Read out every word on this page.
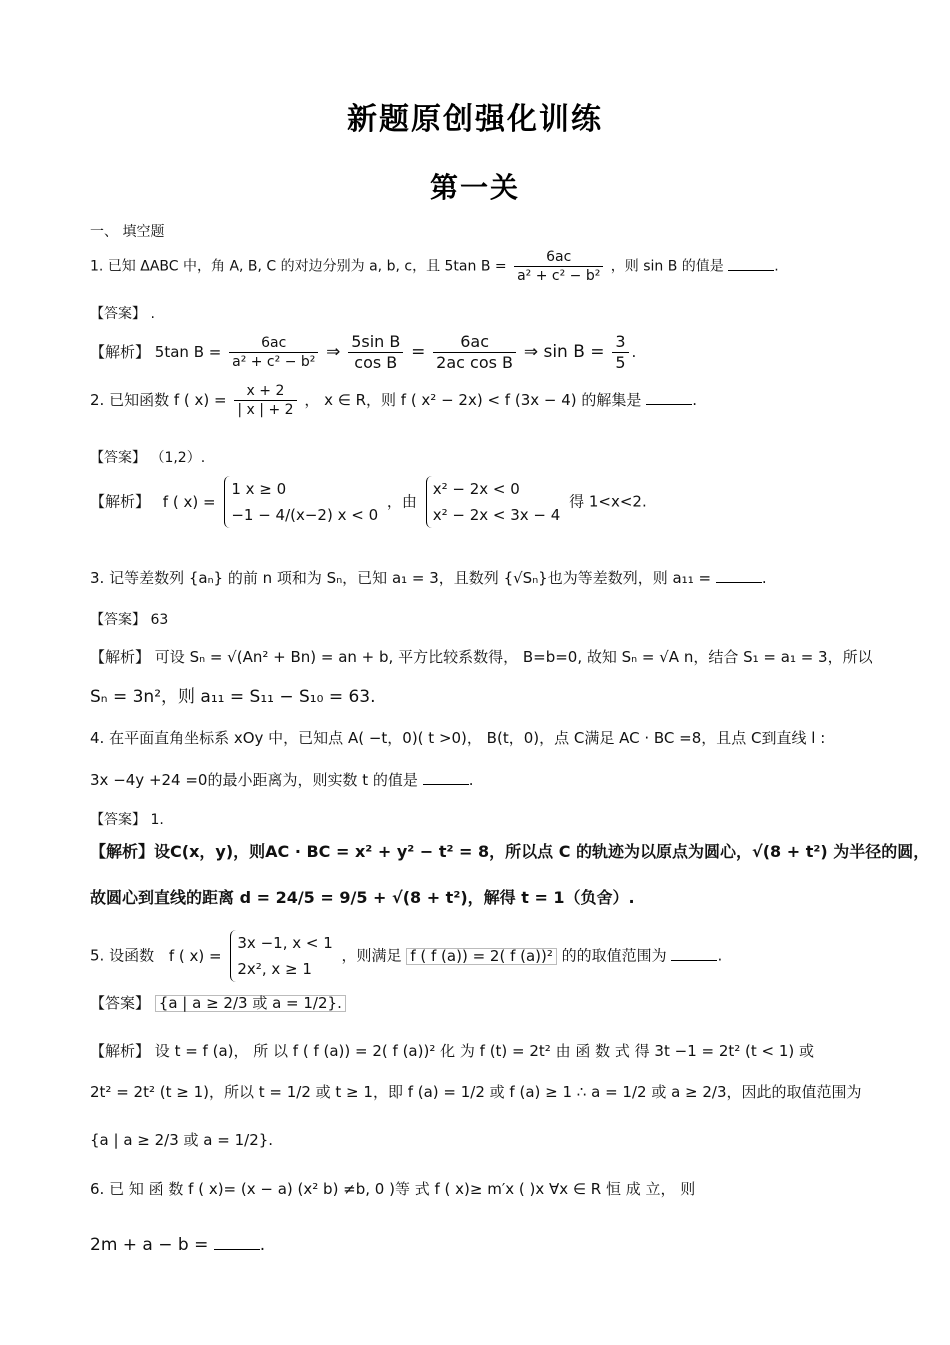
新题原创强化训练
第一关
一、 填空题
1. 已知 ΔABC 中，角 A, B, C 的对边分别为 a, b, c，且 5tan $B = \frac{6ac}{\text{a² + c² − b²}}$ ，则 sin B 的值是	.
【答案】 .
【解析】 5tan $B = \frac{6ac}{\text{a² + c² − b²}}$ ⇒ $\frac{\text{5sin B}}{\text{cos B}} = \frac{6ac}{\text{2ac cos B}}$ ⇒ $\sin B = \frac{3}{5}$ .
2. 已知函数 f ( $x) = \frac{x + 2}{| x | + 2}$ ， x ∈ R，则 f ( x² − 2x) < f (3x − 4) 的解集是	.
【答案】 （1,2）.
【解析】 f ( x) =
1 x ≥ 0
−1 − 4/(x−2) x < 0
，由
x² − 2x < 0
x² − 2x < 3x − 4
得 1<x<2.
3. 记等差数列 {aₙ} 的前 n 项和为 Sₙ，已知 a₁ = 3，且数列 {√Sₙ}也为等差数列，则 a₁₁ =	.
【答案】 63
【解析】 可设 Sₙ = √(An² + Bn) = an + b, 平方比较系数得， B=b=0, 故知 Sₙ = √A n，结合 S₁ = a₁ = 3，所以
Sₙ = 3n²，则 a₁₁ = S₁₁ − S₁₀ = 63.
4. 在平面直角坐标系 xOy 中，已知点 A( −t，0)( t >0)， B(t，0)，点 C满足 AC · BC =8，且点 C到直线 l :
3x −4y +24 =0的最小距离为，则实数 t 的值是	.
【答案】 1.
【解析】设C(x，y)，则AC · BC = x² + y² − t² = 8，所以点 C 的轨迹为以原点为圆心，√(8 + t²) 为半径的圆，
故圆心到直线的距离 d = 24/5 = 9/5 + √(8 + t²)，解得 t = 1（负舍）.
5. 设函数 f ( x) =
3x −1, x < 1
2x², x ≥ 1
，则满足 f ( f (a)) = 2( f (a))² 的的取值范围为	.
【答案】 {a | a ≥ 2/3 或 a = 1/2}.
【解析】 设 t = f (a)， 所 以 f ( f (a)) = 2( f (a))² 化 为 f (t) = 2t² 由 函 数 式 得 3t −1 = 2t² (t < 1) 或
2t² = 2t² (t ≥ 1)，所以 t = 1/2 或 t ≥ 1，即 f (a) = 1/2 或 f (a) ≥ 1 ∴ a = 1/2 或 a ≥ 2/3，因此的取值范围为
{a | a ≥ 2/3 或 a = 1/2}.
6. 已 知 函 数 f ( x)= (x − a) (x² b) ≠b, 0 )等 式 f ( x)≥ m′x ( )x ∀x ∈ R 恒 成 立， 则
2m + a − b =	.
